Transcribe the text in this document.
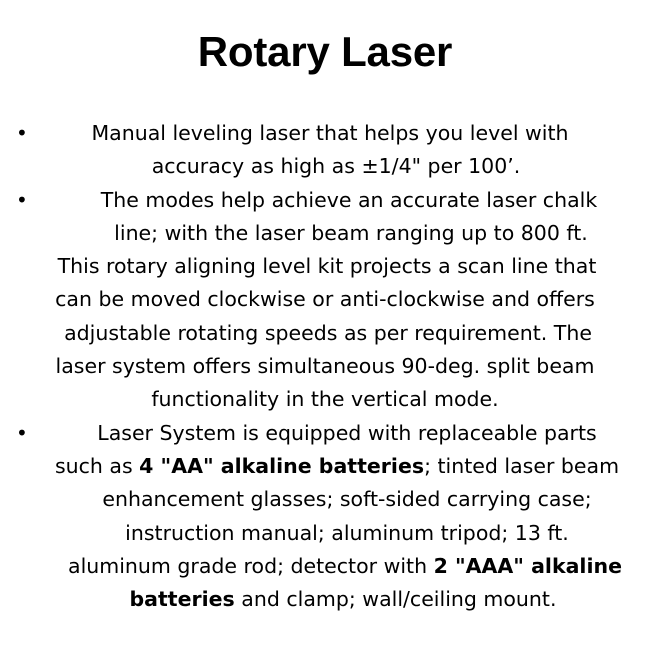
Rotary Laser
•	Manual leveling laser that helps you level with
accuracy as high as ±1/4" per 100’.
•	The modes help achieve an accurate laser chalk
line; with the laser beam ranging up to 800 ft.
This rotary aligning level kit projects a scan line that
can be moved clockwise or anti-clockwise and offers
adjustable rotating speeds as per requirement. The
laser system offers simultaneous 90-deg. split beam
functionality in the vertical mode.
•	Laser System is equipped with replaceable parts
such as 4 "AA" alkaline batteries; tinted laser beam
enhancement glasses; soft-sided carrying case;
instruction manual; aluminum tripod; 13 ft.
aluminum grade rod; detector with 2 "AAA" alkaline
batteries and clamp; wall/ceiling mount.
